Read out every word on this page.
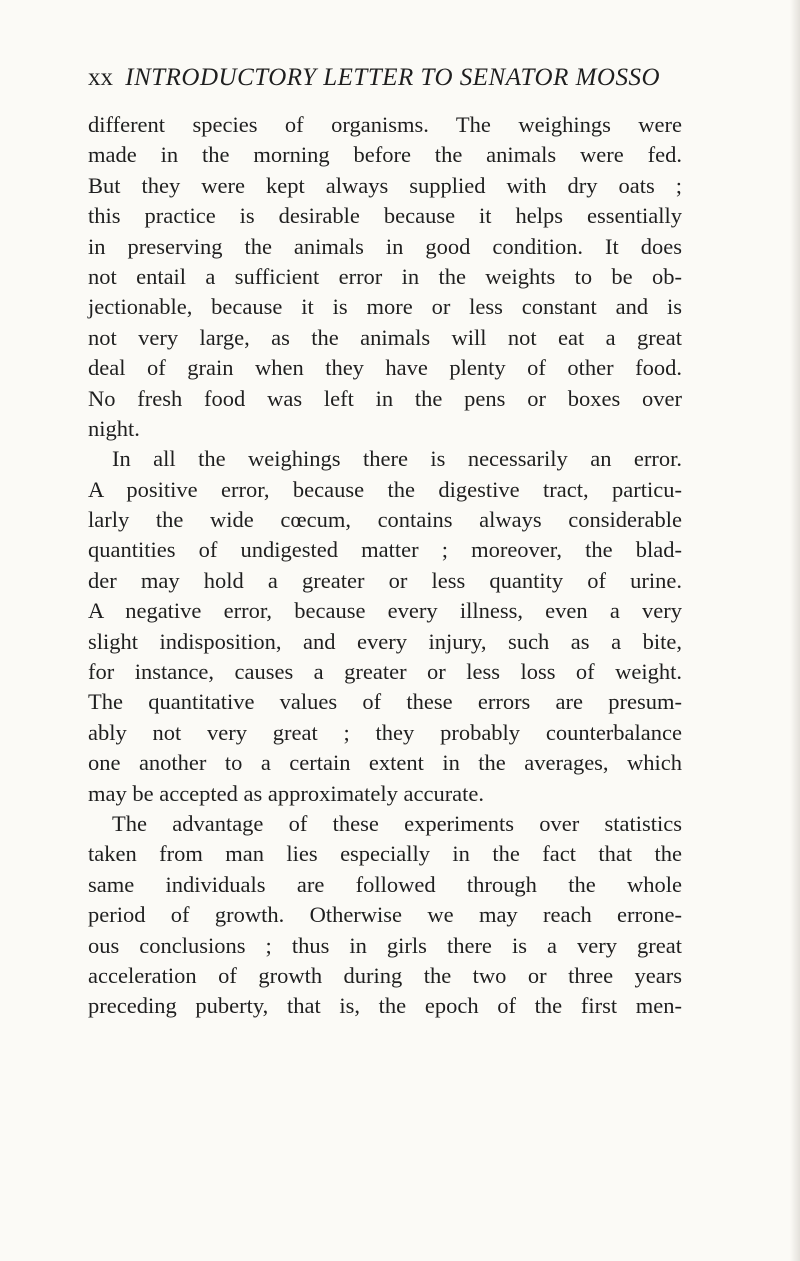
xx INTRODUCTORY LETTER TO SENATOR MOSSO
different species of organisms. The weighings were
made in the morning before the animals were fed.
But they were kept always supplied with dry oats ;
this practice is desirable because it helps essentially
in preserving the animals in good condition. It does
not entail a sufficient error in the weights to be ob-
jectionable, because it is more or less constant and is
not very large, as the animals will not eat a great
deal of grain when they have plenty of other food.
No fresh food was left in the pens or boxes over
night.
In all the weighings there is necessarily an error.
A positive error, because the digestive tract, particu-
larly the wide cœcum, contains always considerable
quantities of undigested matter ; moreover, the blad-
der may hold a greater or less quantity of urine.
A negative error, because every illness, even a very
slight indisposition, and every injury, such as a bite,
for instance, causes a greater or less loss of weight.
The quantitative values of these errors are presum-
ably not very great ; they probably counterbalance
one another to a certain extent in the averages, which
may be accepted as approximately accurate.
The advantage of these experiments over statistics
taken from man lies especially in the fact that the
same individuals are followed through the whole
period of growth. Otherwise we may reach errone-
ous conclusions ; thus in girls there is a very great
acceleration of growth during the two or three years
preceding puberty, that is, the epoch of the first men-
